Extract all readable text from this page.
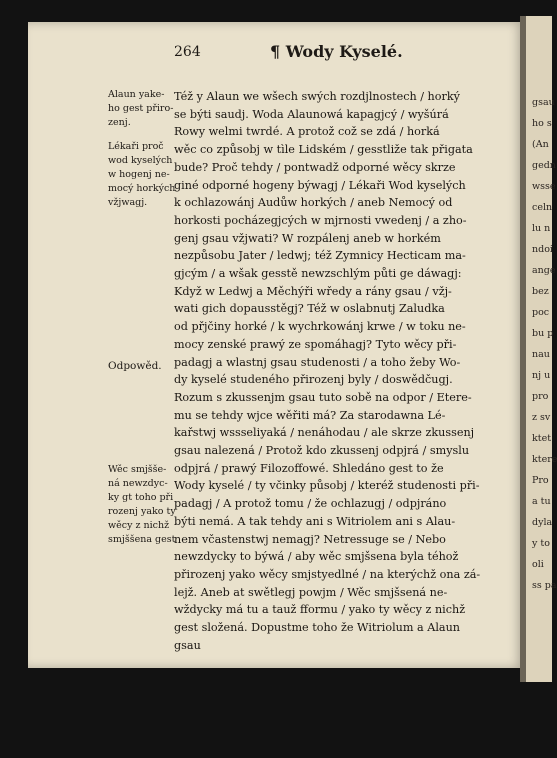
gsau
ho s
(An
gedn
wsse
celn
lu n
ndoi
ange
bez
poc
bu p
nau
nj u
pro
z sv
ktet
ktere
Pro
a tu
dyla
y to
oli
ss pa
264	¶ Wody Kyselé.
Alaun yake-
ho gest přiro-
zenj.
Lékaři proč
wod kyselých
w hogenj ne-
mocý horkých
vžjwagj.
Odpowěd.
Wěc smjšše-
ná newzdyc-
ky gt toho při
rozenj yako ty
wěcy z nichž
smjššena gest
Též y Alaun we wšech swých rozdjlnostech / horký
se býti saudj. Woda Alaunowá kapagjcý / wyšúrá
Rowy welmi twrdé. A protož což se zdá / horká
wěc co způsobj w tìle Lidském / gesstliže tak přigata
bude? Proč tehdy / pontwadž odporné wěcy skrze
giné odporné hogeny býwagj / Lékaři Wod kyselých
k ochlazowánj Audůw horkých / aneb Nemocý od
horkosti pocházegjcých w mjrnosti vwedenj / a zho-
genj gsau vžjwati? W rozpálenj aneb w horkém
nezpůsobu Jater / ledwj; též Zymnicy Hecticam ma-
gjcým / a wšak gesstě newzschlým půti ge dáwagj:
Když w Ledwj a Měchýři wředy a rány gsau / vžj-
wati gich dopausstěgj? Též w oslabnutj Zaludka
od přjčiny horké / k wychrkowánj krwe / w toku ne-
mocy zenské prawý ze spomáhagj? Tyto wěcy při-
padagj a wlastnj gsau studenosti / a toho žeby Wo-
dy kyselé studeného přirozenj byly / doswědčugj.
Rozum s zkussenjm gsau tuto sobě na odpor / Etere-
mu se tehdy wjce wěřiti má? Za starodawna Lé-
kařstwj wssseliyaká / nenáhodau / ale skrze zkussenj
gsau nalezená / Protož kdo zkussenj odpjrá / smyslu
odpjrá / prawý Filozoffowé. Shledáno gest to že
Wody kyselé / ty včinky působj / kteréž studenosti při-
padagj / A protož tomu / že ochlazugj / odpjráno
býti nemá. A tak tehdy ani s Witriolem ani s Alau-
nem včastenstwj nemagj? Netressuge se / Nebo
newzdycky to býwá / aby wěc smjšsena byla téhož
přirozenj yako wěcy smjstyedlné / na kterýchž ona zá-
lejž. Aneb at swětlegj powjm / Wěc smjšsená ne-
wždycky má tu a tauž fformu / yako ty wěcy z nichž
gest složená. Dopustme toho že Witriolum a Alaun
gsau
